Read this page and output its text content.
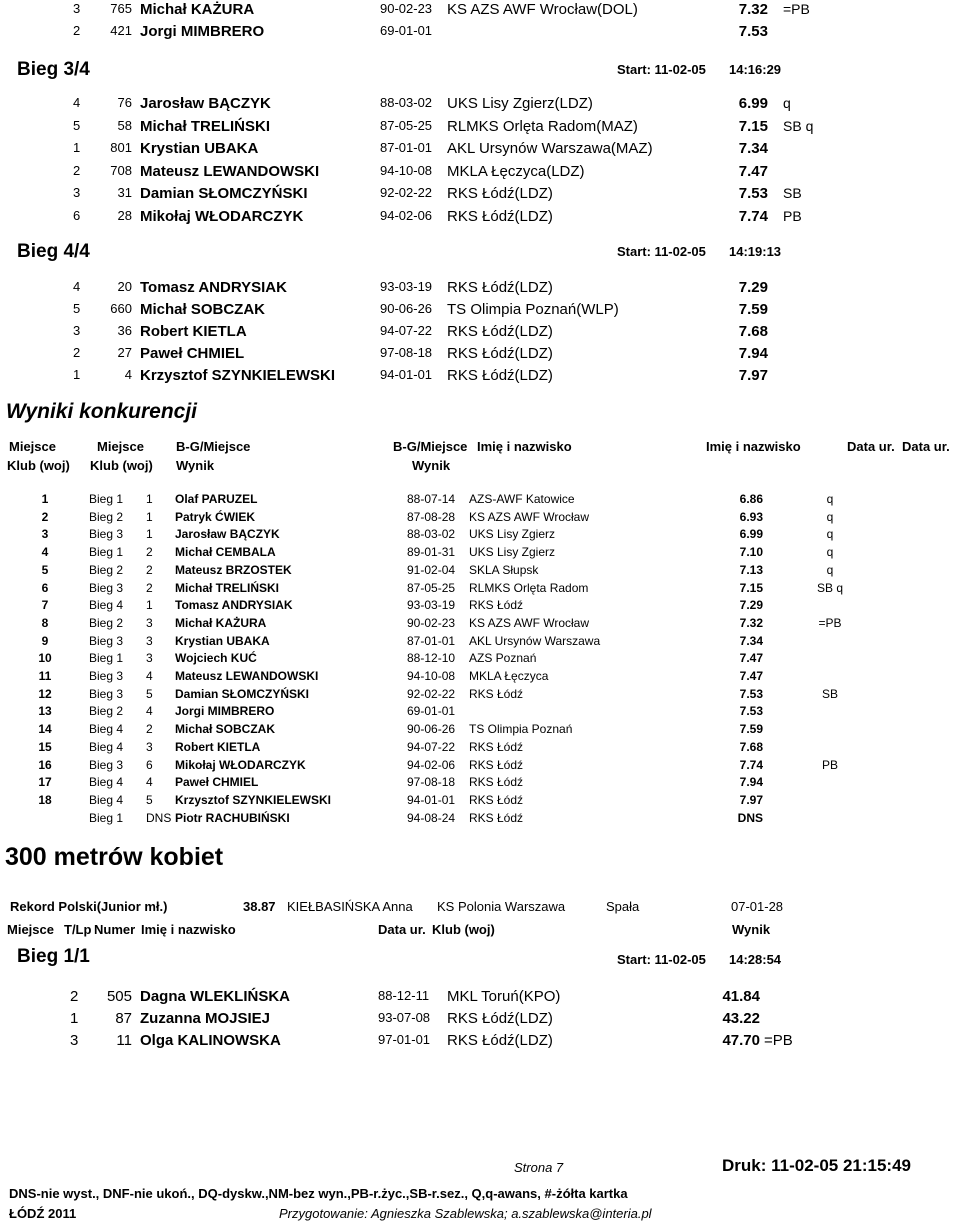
3	765 Michał KAŻURA	90-02-23 KS AZS AWF Wrocław(DOL)	7.32 =PB
2	421 Jorgi MIMBRERO	69-01-01	7.53
Bieg 3/4	Start: 11-02-05 14:16:29
4	76 Jarosław BĄCZYK	88-03-02 UKS Lisy Zgierz(LDZ)	6.99 q
5	58 Michał TRELIŃSKI	87-05-25 RLMKS Orlęta Radom(MAZ)	7.15 SB q
1	801 Krystian UBAKA	87-01-01 AKL Ursynów Warszawa(MAZ)	7.34
2	708 Mateusz LEWANDOWSKI	94-10-08 MKLA Łęczyca(LDZ)	7.47
3	31 Damian SŁOMCZYŃSKI	92-02-22 RKS Łódź(LDZ)	7.53 SB
6	28 Mikołaj WŁODARCZYK	94-02-06 RKS Łódź(LDZ)	7.74 PB
Bieg 4/4	Start: 11-02-05 14:19:13
4	20 Tomasz ANDRYSIAK	93-03-19 RKS Łódź(LDZ)	7.29
5	660 Michał SOBCZAK	90-06-26 TS Olimpia Poznań(WLP)	7.59
3	36 Robert KIETLA	94-07-22 RKS Łódź(LDZ)	7.68
2	27 Paweł CHMIEL	97-08-18 RKS Łódź(LDZ)	7.94
1	4 Krzysztof SZYNKIELEWSKI	94-01-01 RKS Łódź(LDZ)	7.97
Wyniki konkurencji
Miejsce	Miejsce B-G/Miejsce	B-G/Miejsce Imię i nazwisko	Imię i nazwisko	Data ur. Data ur.
Klub (woj) Klub (woj) Wynik	Wynik
1	Bieg 1 1 Olaf PARUZEL	88-07-14 AZS-AWF Katowice	6.86	q
2	Bieg 2 1 Patryk ĆWIEK	87-08-28 KS AZS AWF Wrocław	6.93	q
3	Bieg 3 1 Jarosław BĄCZYK	88-03-02 UKS Lisy Zgierz	6.99	q
4	Bieg 1 2 Michał CEMBALA	89-01-31 UKS Lisy Zgierz	7.10	q
5	Bieg 2 2 Mateusz BRZOSTEK	91-02-04 SKLA Słupsk	7.13	q
6	Bieg 3 2 Michał TRELIŃSKI	87-05-25 RLMKS Orlęta Radom	7.15	SB q
7	Bieg 4 1 Tomasz ANDRYSIAK	93-03-19 RKS Łódź	7.29
8	Bieg 2 3 Michał KAŻURA	90-02-23 KS AZS AWF Wrocław	7.32	=PB
9	Bieg 3 3 Krystian UBAKA	87-01-01 AKL Ursynów Warszawa	7.34
10	Bieg 1 3 Wojciech KUĆ	88-12-10 AZS Poznań	7.47
11	Bieg 3 4 Mateusz LEWANDOWSKI	94-10-08 MKLA Łęczyca	7.47
12	Bieg 3 5 Damian SŁOMCZYŃSKI	92-02-22 RKS Łódź	7.53	SB
13	Bieg 2 4 Jorgi MIMBRERO	69-01-01	7.53
14	Bieg 4 2 Michał SOBCZAK	90-06-26 TS Olimpia Poznań	7.59
15	Bieg 4 3 Robert KIETLA	94-07-22 RKS Łódź	7.68
16	Bieg 3 6 Mikołaj WŁODARCZYK	94-02-06 RKS Łódź	7.74	PB
17	Bieg 4 4 Paweł CHMIEL	97-08-18 RKS Łódź	7.94
18	Bieg 4 5 Krzysztof SZYNKIELEWSKI	94-01-01 RKS Łódź	7.97
Bieg 1 DNS Piotr RACHUBIŃSKI	94-08-24 RKS Łódź	DNS
300 metrów kobiet
Rekord Polski(Junior mł.)	38.87 KIEŁBASIŃSKA Anna KS Polonia Warszawa	Spała	07-01-28
Miejsce T/Lp Numer Imię i nazwisko	Data ur. Klub (woj)	Wynik
Bieg 1/1	Start: 11-02-05 14:28:54
2	505 Dagna WLEKLIŃSKA	88-12-11 MKL Toruń(KPO)	41.84
1	87 Zuzanna MOJSIEJ	93-07-08 RKS Łódź(LDZ)	43.22
3	11 Olga KALINOWSKA	97-01-01 RKS Łódź(LDZ)	47.70 =PB
Strona 7	Druk: 11-02-05 21:15:49
DNS-nie wyst., DNF-nie ukoń., DQ-dyskw.,NM-bez wyn.,PB-r.życ.,SB-r.sez., Q,q-awans, #-żółta kartka
ŁÓDŹ 2011	Przygotowanie: Agnieszka Szablewska; a.szablewska@interia.pl
